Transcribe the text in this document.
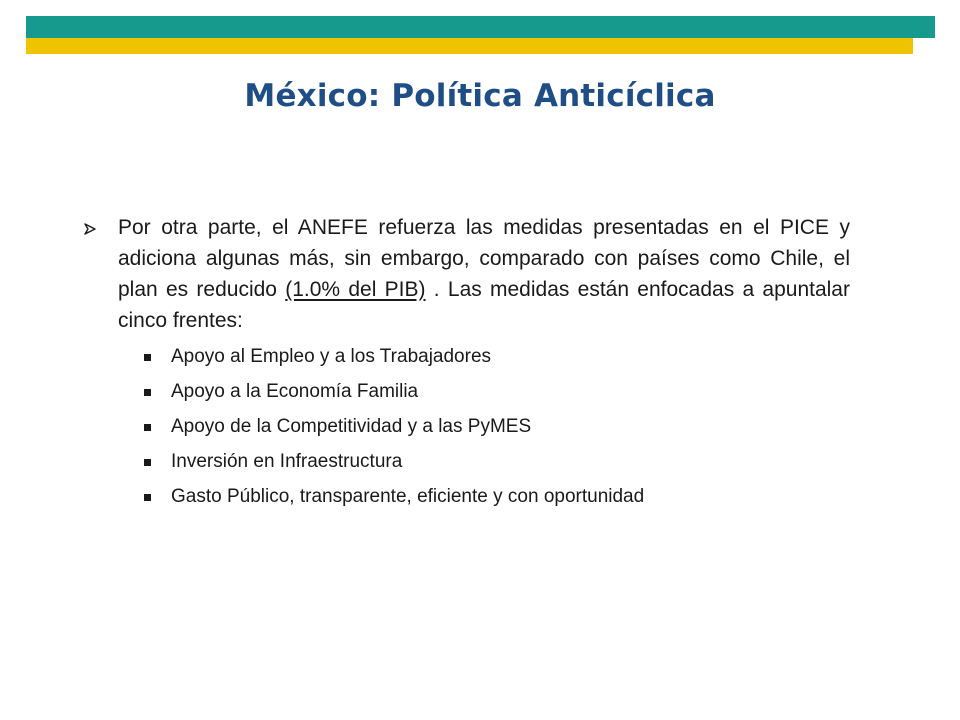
México: Política Anticíclica
Por otra parte, el ANEFE refuerza las medidas presentadas en el PICE y adiciona algunas más, sin embargo, comparado con países como Chile, el plan es reducido (1.0% del PIB) . Las medidas están enfocadas a apuntalar cinco frentes:
Apoyo al Empleo y a los Trabajadores
Apoyo a la Economía Familia
Apoyo de la Competitividad y a las PyMES
Inversión en Infraestructura
Gasto Público, transparente, eficiente y con oportunidad
